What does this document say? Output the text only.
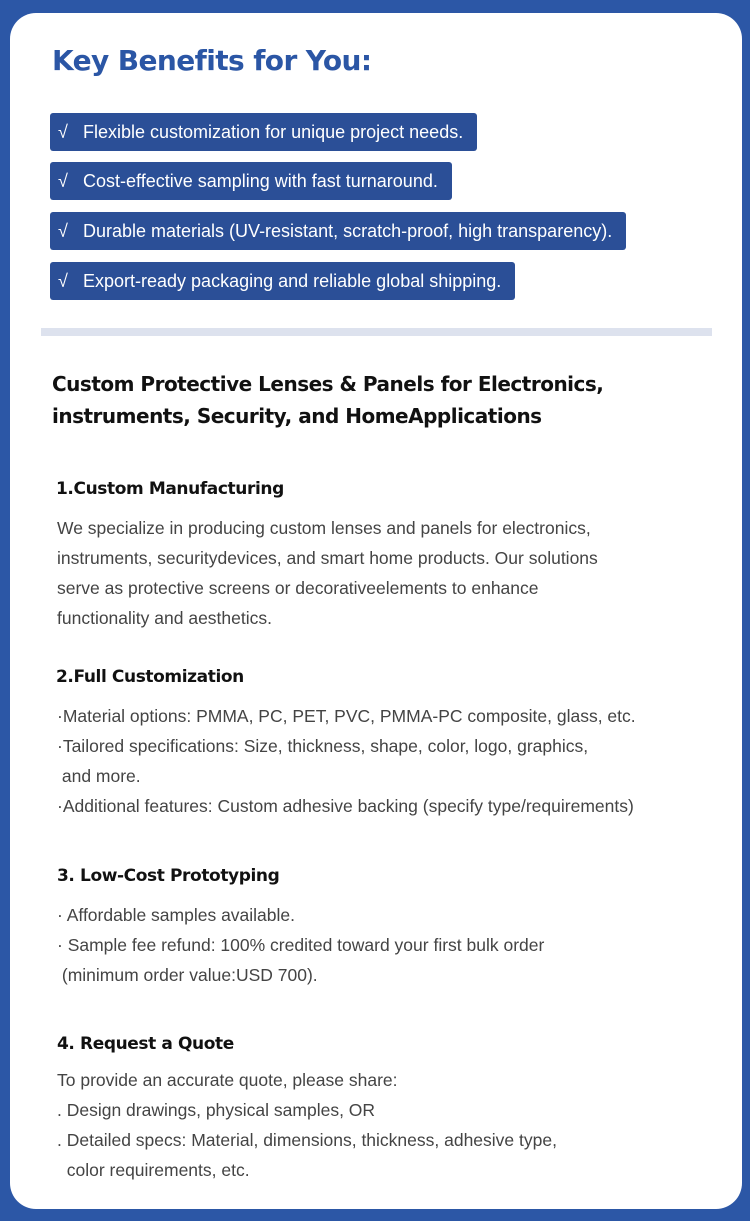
Key Benefits for You:
√ Flexible customization for unique project needs.
√ Cost-effective sampling with fast turnaround.
√ Durable materials (UV-resistant, scratch-proof, high transparency).
√ Export-ready packaging and reliable global shipping.
Custom Protective Lenses & Panels for Electronics,
instruments, Security, and HomeApplications
1.Custom Manufacturing

We specialize in producing custom lenses and panels for electronics,
instruments, securitydevices, and smart home products. Our solutions
serve as protective screens or decorativeelements to enhance
functionality and aesthetics.

2.Full Customization

·Material options: PMMA, PC, PET, PVC, PMMA-PC composite, glass, etc.
·Tailored specifications: Size, thickness, shape, color, logo, graphics,
and more.
·Additional features: Custom adhesive backing (specify type/requirements)

3. Low-Cost Prototyping

· Affordable samples available.
· Sample fee refund: 100% credited toward your first bulk order
(minimum order value:USD 700).

4. Request a Quote

To provide an accurate quote, please share:
. Design drawings, physical samples, OR
. Detailed specs: Material, dimensions, thickness, adhesive type,
color requirements, etc.
